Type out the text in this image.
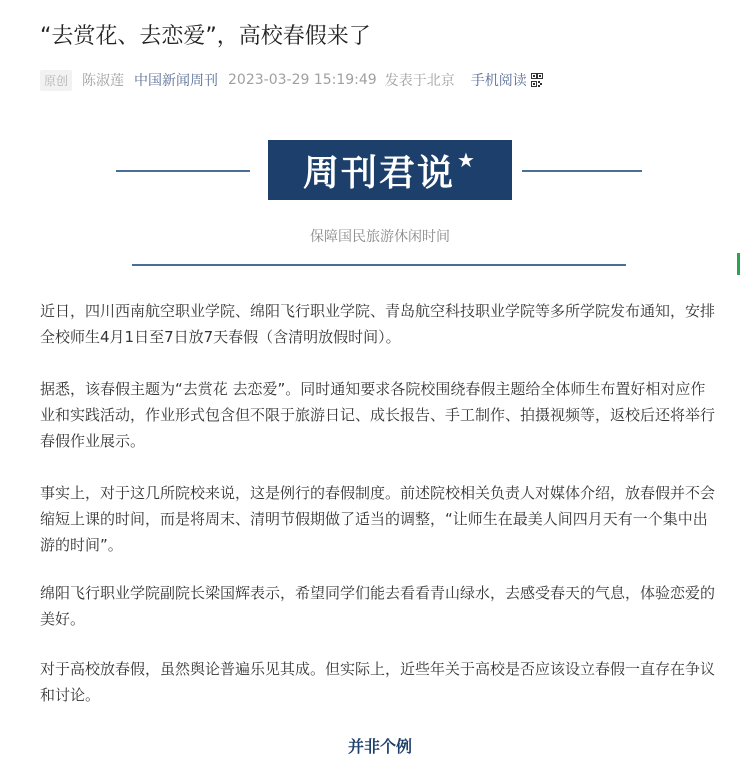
“去赏花、去恋爱”，高校春假来了
原创 陈淑莲 中国新闻周刊 2023-03-29 15:19:49 发表于北京 手机阅读
周刊君说 ★
保障国民旅游休闲时间

近日，四川西南航空职业学院、绵阳飞行职业学院、青岛航空科技职业学院等多所学院发布通知，安排全校师生4月1日至7日放7天春假（含清明放假时间）。

据悉，该春假主题为“去赏花 去恋爱”。同时通知要求各院校围绕春假主题给全体师生布置好相对应作业和实践活动，作业形式包含但不限于旅游日记、成长报告、手工制作、拍摄视频等，返校后还将举行春假作业展示。

事实上，对于这几所院校来说，这是例行的春假制度。前述院校相关负责人对媒体介绍，放春假并不会缩短上课的时间，而是将周末、清明节假期做了适当的调整，“让师生在最美人间四月天有一个集中出游的时间”。

绵阳飞行职业学院副院长梁国辉表示，希望同学们能去看看青山绿水，去感受春天的气息，体验恋爱的美好。

对于高校放春假，虽然舆论普遍乐见其成。但实际上，近些年关于高校是否应该设立春假一直存在争议和讨论。

并非个例
